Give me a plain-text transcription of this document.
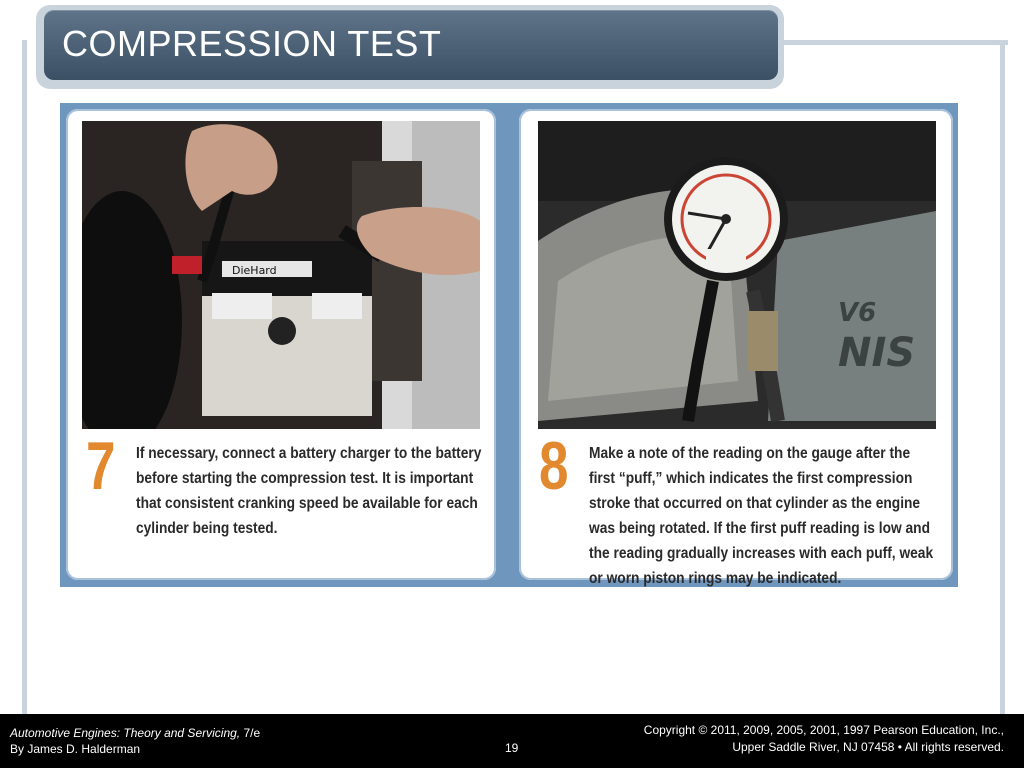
COMPRESSION TEST
DieHard
7 If necessary, connect a battery charger to the battery before starting the compression test. It is important that consistent cranking speed be available for each cylinder being tested.
V6
NIS
8 Make a note of the reading on the gauge after the first “puff,” which indicates the first compression stroke that occurred on that cylinder as the engine was being rotated. If the first puff reading is low and the reading gradually increases with each puff, weak or worn piston rings may be indicated.
Automotive Engines: Theory and Servicing, 7/e
By James D. Halderman	19
Copyright © 2011, 2009, 2005, 2001, 1997 Pearson Education, Inc.,
Upper Saddle River, NJ 07458 • All rights reserved.
